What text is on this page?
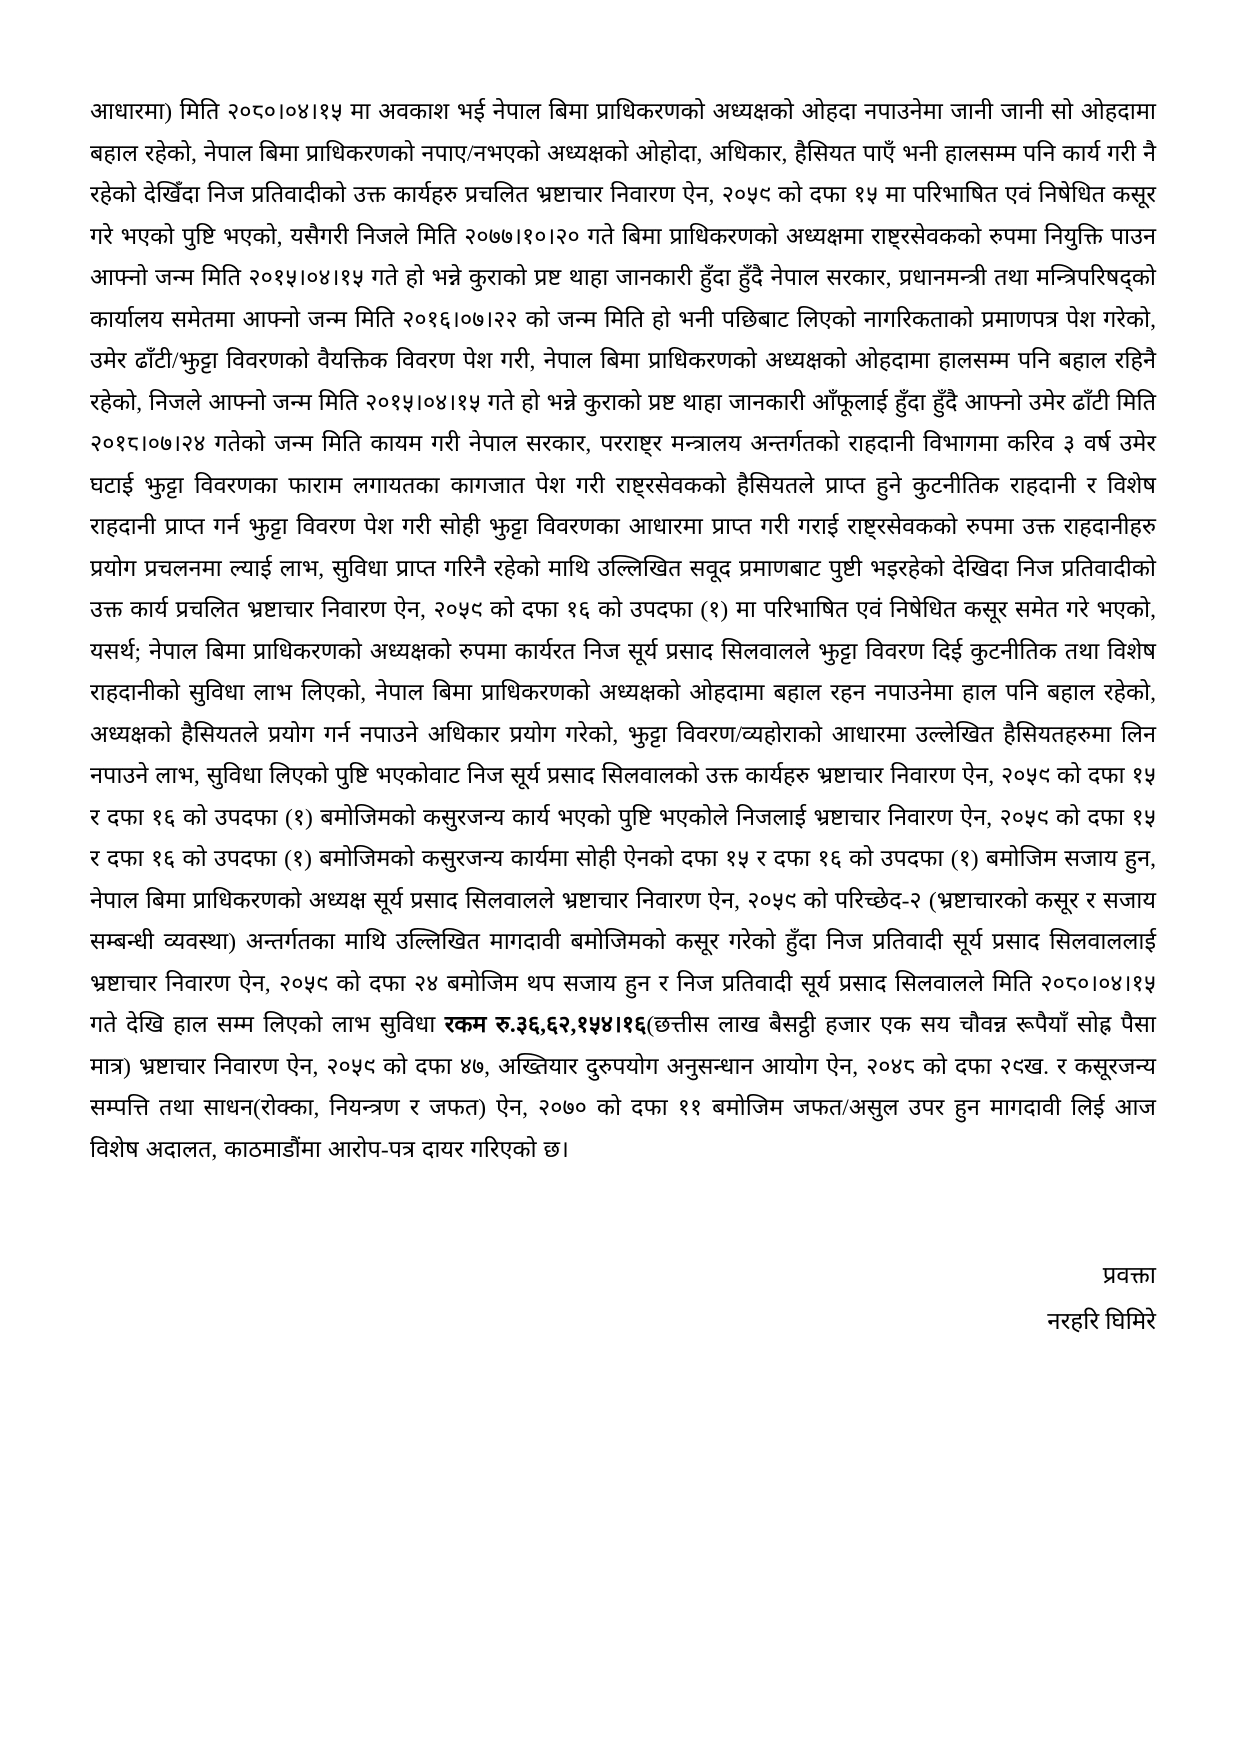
आधारमा) मिति २०८०।०४।१५ मा अवकाश भई नेपाल बिमा प्राधिकरणको अध्यक्षको ओहदा नपाउनेमा जानी जानी सो ओहदामा बहाल रहेको, नेपाल बिमा प्राधिकरणको नपाए/नभएको अध्यक्षको ओहोदा, अधिकार, हैसियत पाएँ भनी हालसम्म पनि कार्य गरी नै रहेको देखिँदा निज प्रतिवादीको उक्त कार्यहरु प्रचलित भ्रष्टाचार निवारण ऐन, २०५९ को दफा १५ मा परिभाषित एवं निषेधित कसूर गरे भएको पुष्टि भएको, यसैगरी निजले मिति २०७७।१०।२० गते बिमा प्राधिकरणको अध्यक्षमा राष्ट्रसेवकको रुपमा नियुक्ति पाउन आफ्नो जन्म मिति २०१५।०४।१५ गते हो भन्ने कुराको प्रष्ट थाहा जानकारी हुँदा हुँदै नेपाल सरकार, प्रधानमन्त्री तथा मन्त्रिपरिषद्को कार्यालय समेतमा आफ्नो जन्म मिति २०१६।०७।२२ को जन्म मिति हो भनी पछिबाट लिएको नागरिकताको प्रमाणपत्र पेश गरेको, उमेर ढाँटी/झुट्टा विवरणको वैयक्तिक विवरण पेश गरी, नेपाल बिमा प्राधिकरणको अध्यक्षको ओहदामा हालसम्म पनि बहाल रहिनै रहेको, निजले आफ्नो जन्म मिति २०१५।०४।१५ गते हो भन्ने कुराको प्रष्ट थाहा जानकारी आँफूलाई हुँदा हुँदै आफ्नो उमेर ढाँटी मिति २०१८।०७।२४ गतेको जन्म मिति कायम गरी नेपाल सरकार, परराष्ट्र मन्त्रालय अन्तर्गतको राहदानी विभागमा करिव ३ वर्ष उमेर घटाई झुट्टा विवरणका फाराम लगायतका कागजात पेश गरी राष्ट्रसेवकको हैसियतले प्राप्त हुने कुटनीतिक राहदानी र विशेष राहदानी प्राप्त गर्न झुट्टा विवरण पेश गरी सोही झुट्टा विवरणका आधारमा प्राप्त गरी गराई राष्ट्रसेवकको रुपमा उक्त राहदानीहरु प्रयोग प्रचलनमा ल्याई लाभ, सुविधा प्राप्त गरिनै रहेको माथि उल्लिखित सवूद प्रमाणबाट पुष्टी भइरहेको देखिदा निज प्रतिवादीको उक्त कार्य प्रचलित भ्रष्टाचार निवारण ऐन, २०५९ को दफा १६ को उपदफा (१) मा परिभाषित एवं निषेधित कसूर समेत गरे भएको, यसर्थ; नेपाल बिमा प्राधिकरणको अध्यक्षको रुपमा कार्यरत निज सूर्य प्रसाद सिलवालले झुट्टा विवरण दिई कुटनीतिक तथा विशेष राहदानीको सुविधा लाभ लिएको, नेपाल बिमा प्राधिकरणको अध्यक्षको ओहदामा बहाल रहन नपाउनेमा हाल पनि बहाल रहेको, अध्यक्षको हैसियतले प्रयोग गर्न नपाउने अधिकार प्रयोग गरेको, झुट्टा विवरण/व्यहोराको आधारमा उल्लेखित हैसियतहरुमा लिन नपाउने लाभ, सुविधा लिएको पुष्टि भएकोवाट निज सूर्य प्रसाद सिलवालको उक्त कार्यहरु भ्रष्टाचार निवारण ऐन, २०५९ को दफा १५ र दफा १६ को उपदफा (१) बमोजिमको कसुरजन्य कार्य भएको पुष्टि भएकोले निजलाई भ्रष्टाचार निवारण ऐन, २०५९ को दफा १५ र दफा १६ को उपदफा (१) बमोजिमको कसुरजन्य कार्यमा सोही ऐनको दफा १५ र दफा १६ को उपदफा (१) बमोजिम सजाय हुन, नेपाल बिमा प्राधिकरणको अध्यक्ष सूर्य प्रसाद सिलवालले भ्रष्टाचार निवारण ऐन, २०५९ को परिच्छेद-२ (भ्रष्टाचारको कसूर र सजाय सम्बन्धी व्यवस्था) अन्तर्गतका माथि उल्लिखित मागदावी बमोजिमको कसूर गरेको हुँदा निज प्रतिवादी सूर्य प्रसाद सिलवाललाई भ्रष्टाचार निवारण ऐन, २०५९ को दफा २४ बमोजिम थप सजाय हुन र निज प्रतिवादी सूर्य प्रसाद सिलवालले मिति २०८०।०४।१५ गते देखि हाल सम्म लिएको लाभ सुविधा रकम रु.३६,६२,१५४।१६(छत्तीस लाख बैसट्ठी हजार एक सय चौवन्न रूपैयाँ सोह्र पैसा मात्र) भ्रष्टाचार निवारण ऐन, २०५९ को दफा ४७, अख्तियार दुरुपयोग अनुसन्धान आयोग ऐन, २०४८ को दफा २९ख. र कसूरजन्य सम्पत्ति तथा साधन(रोक्का, नियन्त्रण र जफत) ऐन, २०७० को दफा ११ बमोजिम जफत/असुल उपर हुन मागदावी लिई आज विशेष अदालत, काठमाडौंमा आरोप-पत्र दायर गरिएको छ।

प्रवक्ता
नरहरि घिमिरे
